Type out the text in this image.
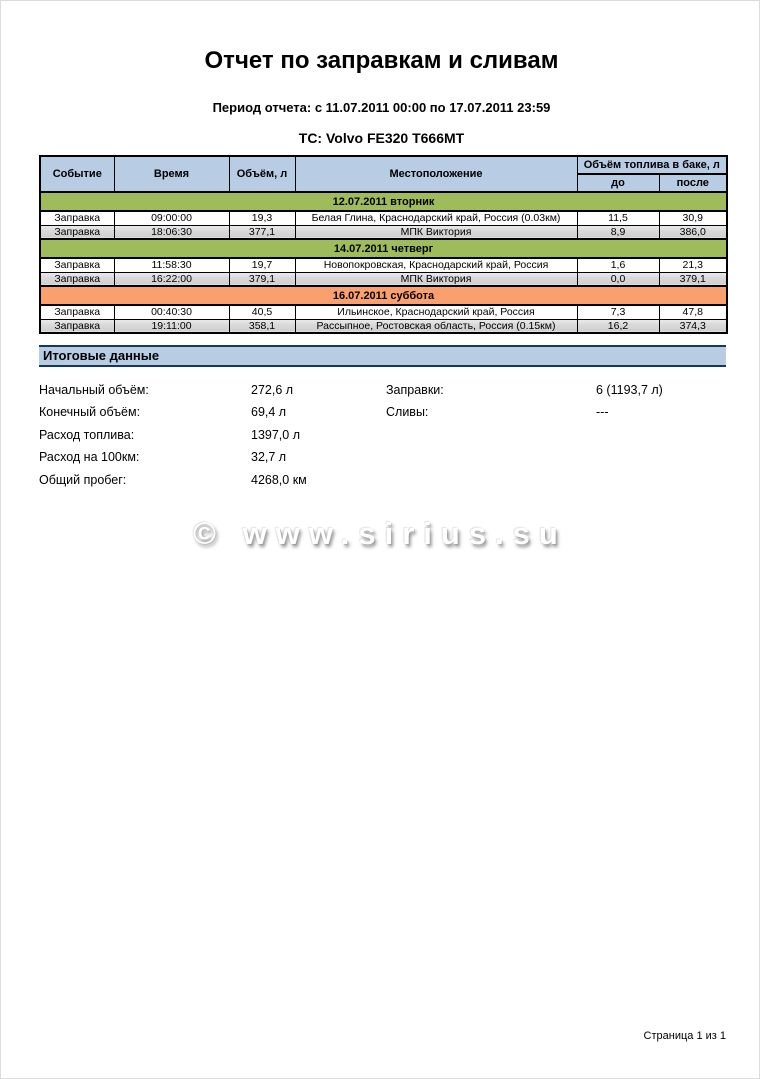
Отчет по заправкам и сливам
Период отчета: с 11.07.2011 00:00 по 17.07.2011 23:59
ТС: Volvo FE320 Т666МТ
Событие	Время	Объём, л	Местоположение	Объём топлива в баке, л	
				до	после
12.07.2011 вторник					
Заправка	09:00:00	19,3	Белая Глина, Краснодарский край, Россия (0.03км)	11,5	30,9
Заправка	18:06:30	377,1	МПК Виктория	8,9	386,0
14.07.2011 четверг					
Заправка	11:58:30	19,7	Новопокровская, Краснодарский край, Россия	1,6	21,3
Заправка	16:22:00	379,1	МПК Виктория	0,0	379,1
16.07.2011 суббота					
Заправка	00:40:30	40,5	Ильинское, Краснодарский край, Россия	7,3	47,8
Заправка	19:11:00	358,1	Рассыпное, Ростовская область, Россия (0.15км)	16,2	374,3
Итоговые данные
Начальный объём:	272,6 л	Заправки:	6 (1193,7 л)
Конечный объём:	69,4 л	Сливы:	---
Расход топлива:	1397,0 л
Расход на 100км:	32,7 л
Общий пробег:	4268,0 км
© www.sirius.su
Страница 1 из 1
